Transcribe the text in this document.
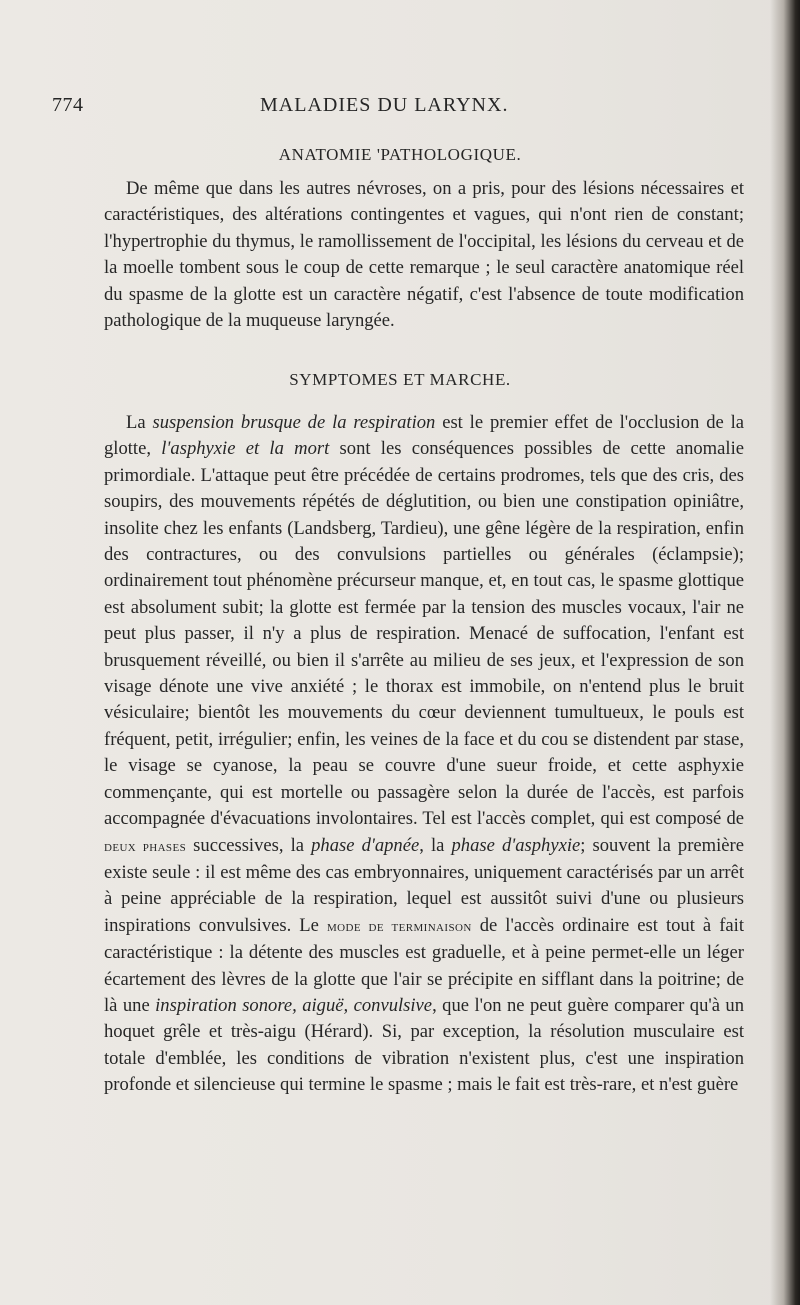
774	MALADIES DU LARYNX.
ANATOMIE 'PATHOLOGIQUE.

De même que dans les autres névroses, on a pris, pour des lésions nécessaires et caractéristiques, des altérations contingentes et vagues, qui n'ont rien de constant; l'hypertrophie du thymus, le ramollissement de l'occipital, les lésions du cerveau et de la moelle tombent sous le coup de cette remarque ; le seul caractère anatomique réel du spasme de la glotte est un caractère négatif, c'est l'absence de toute modification pathologique de la muqueuse laryngée.

SYMPTOMES ET MARCHE.

La suspension brusque de la respiration est le premier effet de l'occlusion de la glotte, l'asphyxie et la mort sont les conséquences possibles de cette anomalie primordiale. L'attaque peut être précédée de certains prodromes, tels que des cris, des soupirs, des mouvements répétés de déglutition, ou bien une constipation opiniâtre, insolite chez les enfants (Landsberg, Tardieu), une gêne légère de la respiration, enfin des contractures, ou des convulsions partielles ou générales (éclampsie); ordinairement tout phénomène précurseur manque, et, en tout cas, le spasme glottique est absolument subit; la glotte est fermée par la tension des muscles vocaux, l'air ne peut plus passer, il n'y a plus de respiration. Menacé de suffocation, l'enfant est brusquement réveillé, ou bien il s'arrête au milieu de ses jeux, et l'expression de son visage dénote une vive anxiété ; le thorax est immobile, on n'entend plus le bruit vésiculaire; bientôt les mouvements du cœur deviennent tumultueux, le pouls est fréquent, petit, irrégulier; enfin, les veines de la face et du cou se distendent par stase, le visage se cyanose, la peau se couvre d'une sueur froide, et cette asphyxie commençante, qui est mortelle ou passagère selon la durée de l'accès, est parfois accompagnée d'évacuations involontaires. Tel est l'accès complet, qui est composé de deux phases successives, la phase d'apnée, la phase d'asphyxie; souvent la première existe seule : il est même des cas embryonnaires, uniquement caractérisés par un arrêt à peine appréciable de la respiration, lequel est aussitôt suivi d'une ou plusieurs inspirations convulsives. Le mode de terminaison de l'accès ordinaire est tout à fait caractéristique : la détente des muscles est graduelle, et à peine permet-elle un léger écartement des lèvres de la glotte que l'air se précipite en sifflant dans la poitrine; de là une inspiration sonore, aiguë, convulsive, que l'on ne peut guère comparer qu'à un hoquet grêle et très-aigu (Hérard). Si, par exception, la résolution musculaire est totale d'emblée, les conditions de vibration n'existent plus, c'est une inspiration profonde et silencieuse qui termine le spasme ; mais le fait est très-rare, et n'est guère
